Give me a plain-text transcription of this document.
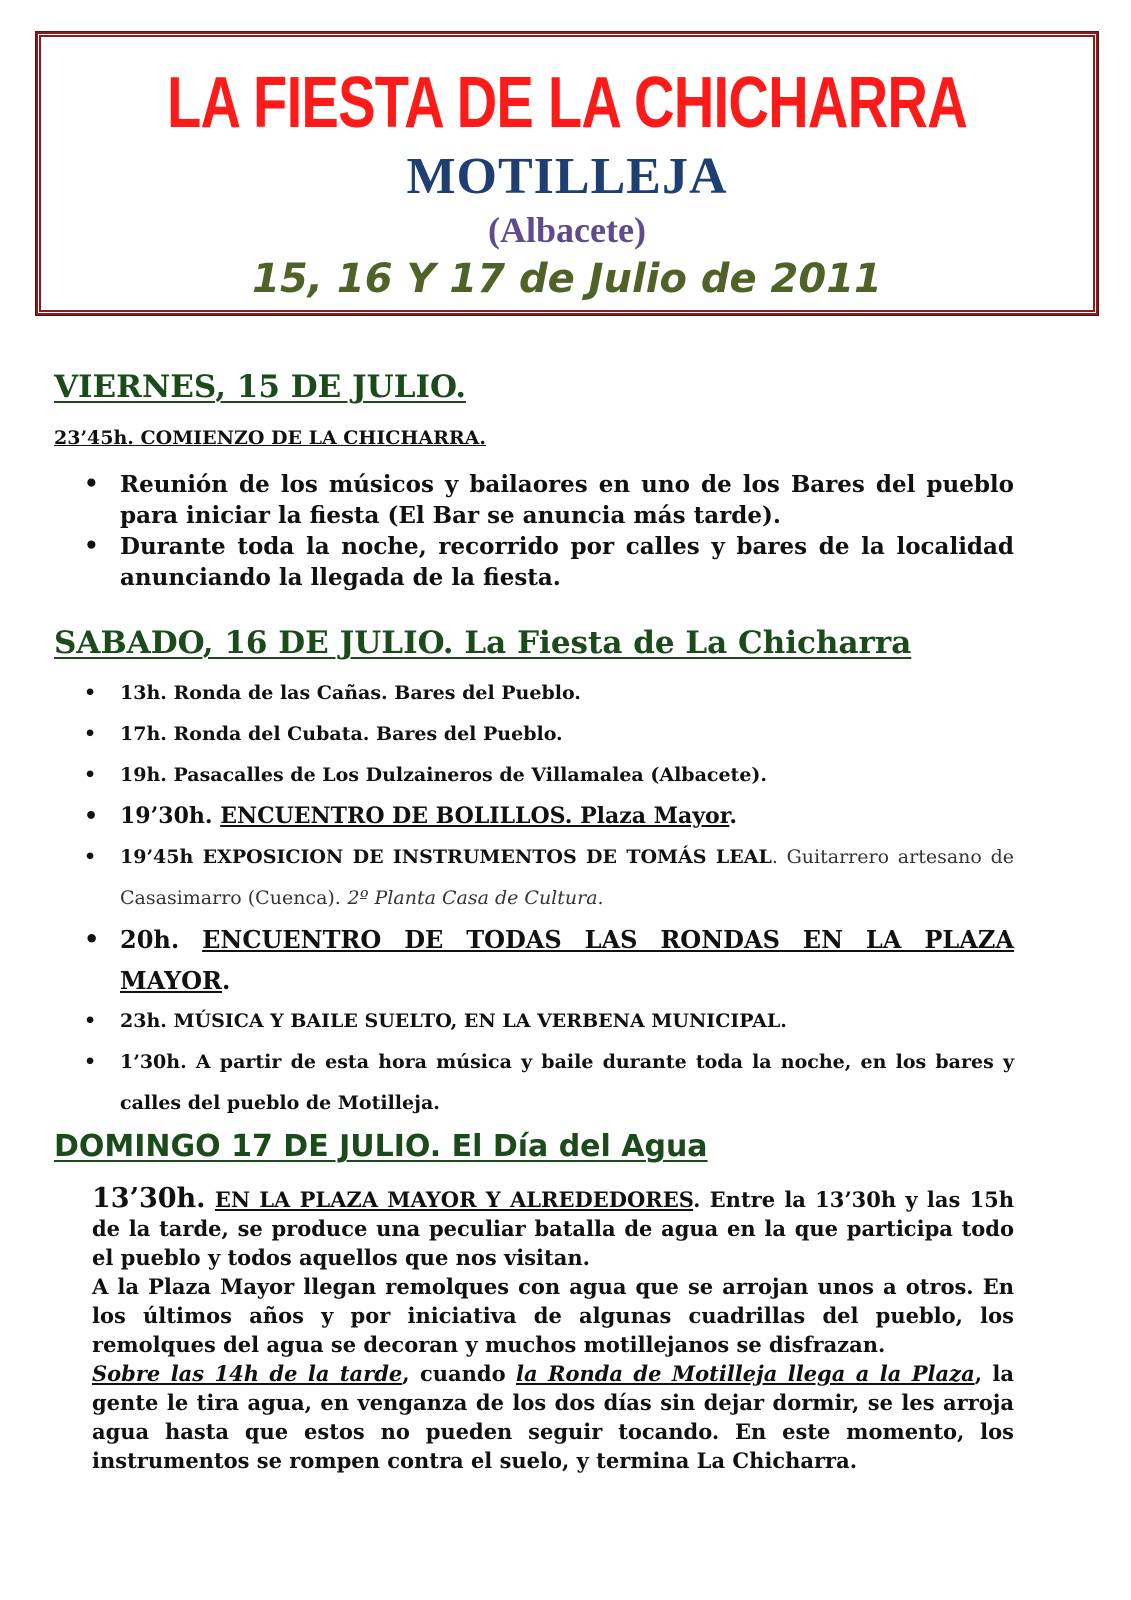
LA FIESTA DE LA CHICHARRA
MOTILLEJA
(Albacete)
15, 16 Y 17 de Julio de 2011
VIERNES, 15 DE JULIO.
23’45h. COMIENZO DE LA CHICHARRA.
• Reunión de los músicos y bailaores en uno de los Bares del pueblo para iniciar la fiesta (El Bar se anuncia más tarde).
• Durante toda la noche, recorrido por calles y bares de la localidad anunciando la llegada de la fiesta.
SABADO, 16 DE JULIO. La Fiesta de La Chicharra
• 13h. Ronda de las Cañas. Bares del Pueblo.
• 17h. Ronda del Cubata. Bares del Pueblo.
• 19h. Pasacalles de Los Dulzaineros de Villamalea (Albacete).
• 19’30h. ENCUENTRO DE BOLILLOS. Plaza Mayor.
• 19’45h EXPOSICION DE INSTRUMENTOS DE TOMÁS LEAL. Guitarrero artesano de Casasimarro (Cuenca). 2º Planta Casa de Cultura.
• 20h. ENCUENTRO DE TODAS LAS RONDAS EN LA PLAZA MAYOR.
• 23h. MÚSICA Y BAILE SUELTO, EN LA VERBENA MUNICIPAL.
• 1’30h. A partir de esta hora música y baile durante toda la noche, en los bares y calles del pueblo de Motilleja.
DOMINGO 17 DE JULIO. El Día del Agua

13’30h. EN LA PLAZA MAYOR Y ALREDEDORES. Entre la 13’30h y las 15h de la tarde, se produce una peculiar batalla de agua en la que participa todo el pueblo y todos aquellos que nos visitan.

A la Plaza Mayor llegan remolques con agua que se arrojan unos a otros. En los últimos años y por iniciativa de algunas cuadrillas del pueblo, los remolques del agua se decoran y muchos motillejanos se disfrazan.

Sobre las 14h de la tarde, cuando la Ronda de Motilleja llega a la Plaza, la gente le tira agua, en venganza de los dos días sin dejar dormir, se les arroja agua hasta que estos no pueden seguir tocando. En este momento, los instrumentos se rompen contra el suelo, y termina La Chicharra.
